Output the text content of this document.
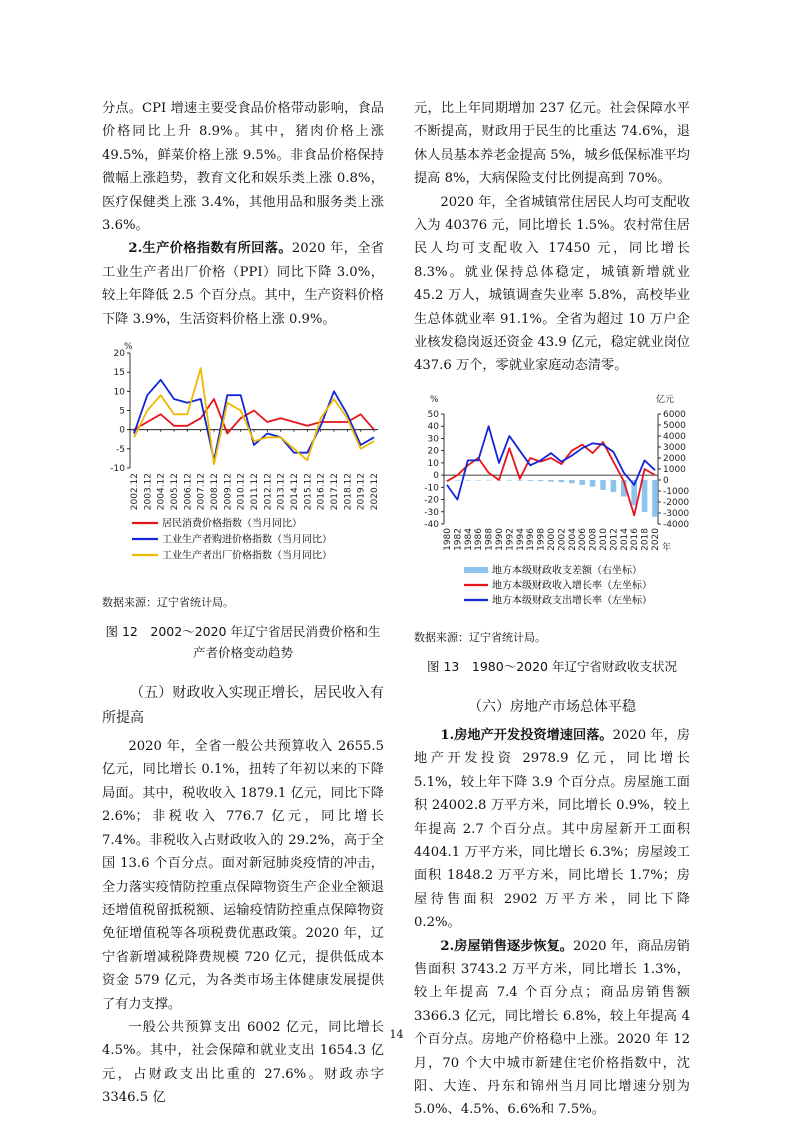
分点。CPI 增速主要受食品价格带动影响，食品价格同比上升 8.9%。其中，猪肉价格上涨 49.5%，鲜菜价格上涨 9.5%。非食品价格保持微幅上涨趋势，教育文化和娱乐类上涨 0.8%，医疗保健类上涨 3.4%，其他用品和服务类上涨 3.6%。

2.生产价格指数有所回落。2020 年，全省工业生产者出厂价格（PPI）同比下降 3.0%，较上年降低 2.5 个百分点。其中，生产资料价格下降 3.9%，生活资料价格上涨 0.9%。

%
20
15
10
5
0
-5
-10
2002.12 2003.12 2004.12 2005.12 2006.12 2007.12 2008.12 2009.12 2010.12 2011.12 2012.12 2013.12 2014.12 2015.12 2016.12 2017.12 2018.12 2019.12 2020.12
居民消费价格指数（当月同比）
工业生产者购进价格指数（当月同比）
工业生产者出厂价格指数（当月同比）

数据来源：辽宁省统计局。

图 12　2002～2020 年辽宁省居民消费价格和生产者价格变动趋势

（五）财政收入实现正增长，居民收入有所提高

2020 年，全省一般公共预算收入 2655.5 亿元，同比增长 0.1%，扭转了年初以来的下降局面。其中，税收收入 1879.1 亿元，同比下降 2.6%；非税收入 776.7 亿元，同比增长 7.4%。非税收入占财政收入的 29.2%，高于全国 13.6 个百分点。面对新冠肺炎疫情的冲击，全力落实疫情防控重点保障物资生产企业全额退还增值税留抵税额、运输疫情防控重点保障物资免征增值税等各项税费优惠政策。2020 年，辽宁省新增减税降费规模 720 亿元，提供低成本资金 579 亿元，为各类市场主体健康发展提供了有力支撑。

一般公共预算支出 6002 亿元，同比增长 4.5%。其中，社会保障和就业支出 1654.3 亿元，占财政支出比重的 27.6%。财政赤字 3346.5 亿

元，比上年同期增加 237 亿元。社会保障水平不断提高，财政用于民生的比重达 74.6%，退休人员基本养老金提高 5%，城乡低保标准平均提高 8%，大病保险支付比例提高到 70%。

2020 年，全省城镇常住居民人均可支配收入为 40376 元，同比增长 1.5%。农村常住居民人均可支配收入 17450 元，同比增长 8.3%。就业保持总体稳定，城镇新增就业 45.2 万人，城镇调查失业率 5.8%，高校毕业生总体就业率 91.1%。全省为超过 10 万户企业核发稳岗返还资金 43.9 亿元，稳定就业岗位 437.6 万个，零就业家庭动态清零。

%	亿元
50
40
30
20
10
0
-10
-20
-30
-40
6000
5000
4000
3000
2000
1000
0
-1000
-2000
-3000
-4000
1980 1982 1984 1986 1988 1990 1992 1994 1996 1998 2000 2002 2004 2006 2008 2010 2012 2014 2016 2018 2020 年
地方本级财政收支差额（右坐标）
地方本级财政收入增长率（左坐标）
地方本级财政支出增长率（左坐标）

数据来源：辽宁省统计局。

图 13　1980～2020 年辽宁省财政收支状况

（六）房地产市场总体平稳

1.房地产开发投资增速回落。2020 年，房地产开发投资 2978.9 亿元，同比增长 5.1%，较上年下降 3.9 个百分点。房屋施工面积 24002.8 万平方米，同比增长 0.9%，较上年提高 2.7 个百分点。其中房屋新开工面积 4404.1 万平方米，同比增长 6.3%；房屋竣工面积 1848.2 万平方米，同比增长 1.7%；房屋待售面积 2902 万平方米，同比下降 0.2%。

2.房屋销售逐步恢复。2020 年，商品房销售面积 3743.2 万平方米，同比增长 1.3%，较上年提高 7.4 个百分点；商品房销售额 3366.3 亿元，同比增长 6.8%，较上年提高 4 个百分点。房地产价格稳中上涨。2020 年 12 月，70 个大中城市新建住宅价格指数中，沈阳、大连、丹东和锦州当月同比增速分别为 5.0%、4.5%、6.6%和 7.5%。

14
